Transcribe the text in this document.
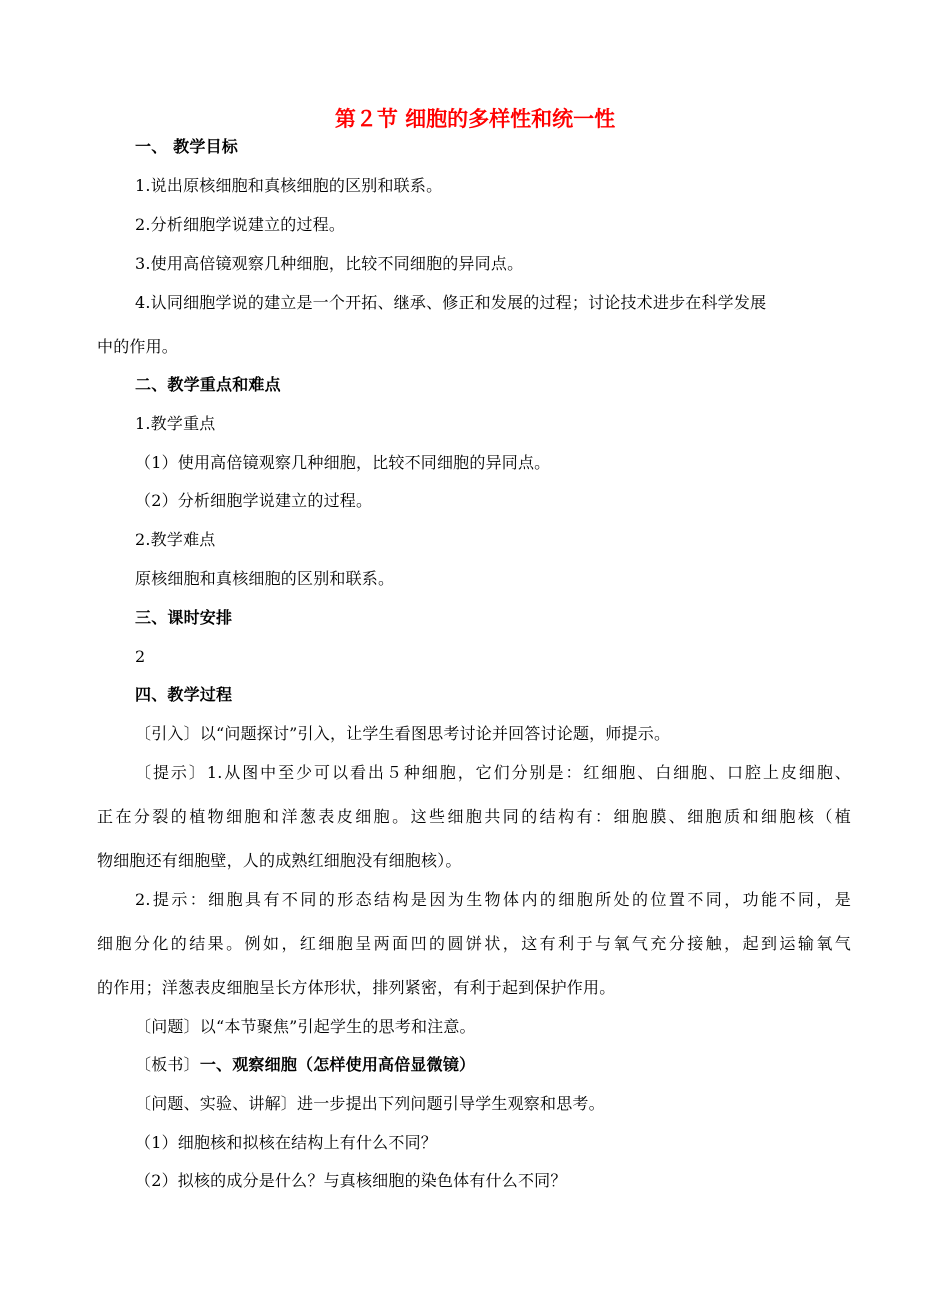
第２节 细胞的多样性和统一性
一、 教学目标
1.说出原核细胞和真核细胞的区别和联系。
2.分析细胞学说建立的过程。
3.使用高倍镜观察几种细胞，比较不同细胞的异同点。
4.认同细胞学说的建立是一个开拓、继承、修正和发展的过程；讨论技术进步在科学发展
中的作用。
二、教学重点和难点
1.教学重点
（1）使用高倍镜观察几种细胞，比较不同细胞的异同点。
（2）分析细胞学说建立的过程。
2.教学难点
原核细胞和真核细胞的区别和联系。
三、课时安排
2
四、教学过程
〔引入〕以“问题探讨”引入，让学生看图思考讨论并回答讨论题，师提示。
〔提示〕1.从图中至少可以看出５种细胞，它们分别是：红细胞、白细胞、口腔上皮细胞、
正在分裂的植物细胞和洋葱表皮细胞。这些细胞共同的结构有：细胞膜、细胞质和细胞核（植
物细胞还有细胞壁，人的成熟红细胞没有细胞核）。
2.提示：细胞具有不同的形态结构是因为生物体内的细胞所处的位置不同，功能不同，是
细胞分化的结果。例如，红细胞呈两面凹的圆饼状，这有利于与氧气充分接触，起到运输氧气
的作用；洋葱表皮细胞呈长方体形状，排列紧密，有利于起到保护作用。
〔问题〕以“本节聚焦”引起学生的思考和注意。
〔板书〕一、观察细胞（怎样使用高倍显微镜）
〔问题、实验、讲解〕进一步提出下列问题引导学生观察和思考。
（1）细胞核和拟核在结构上有什么不同？
（2）拟核的成分是什么？与真核细胞的染色体有什么不同？
